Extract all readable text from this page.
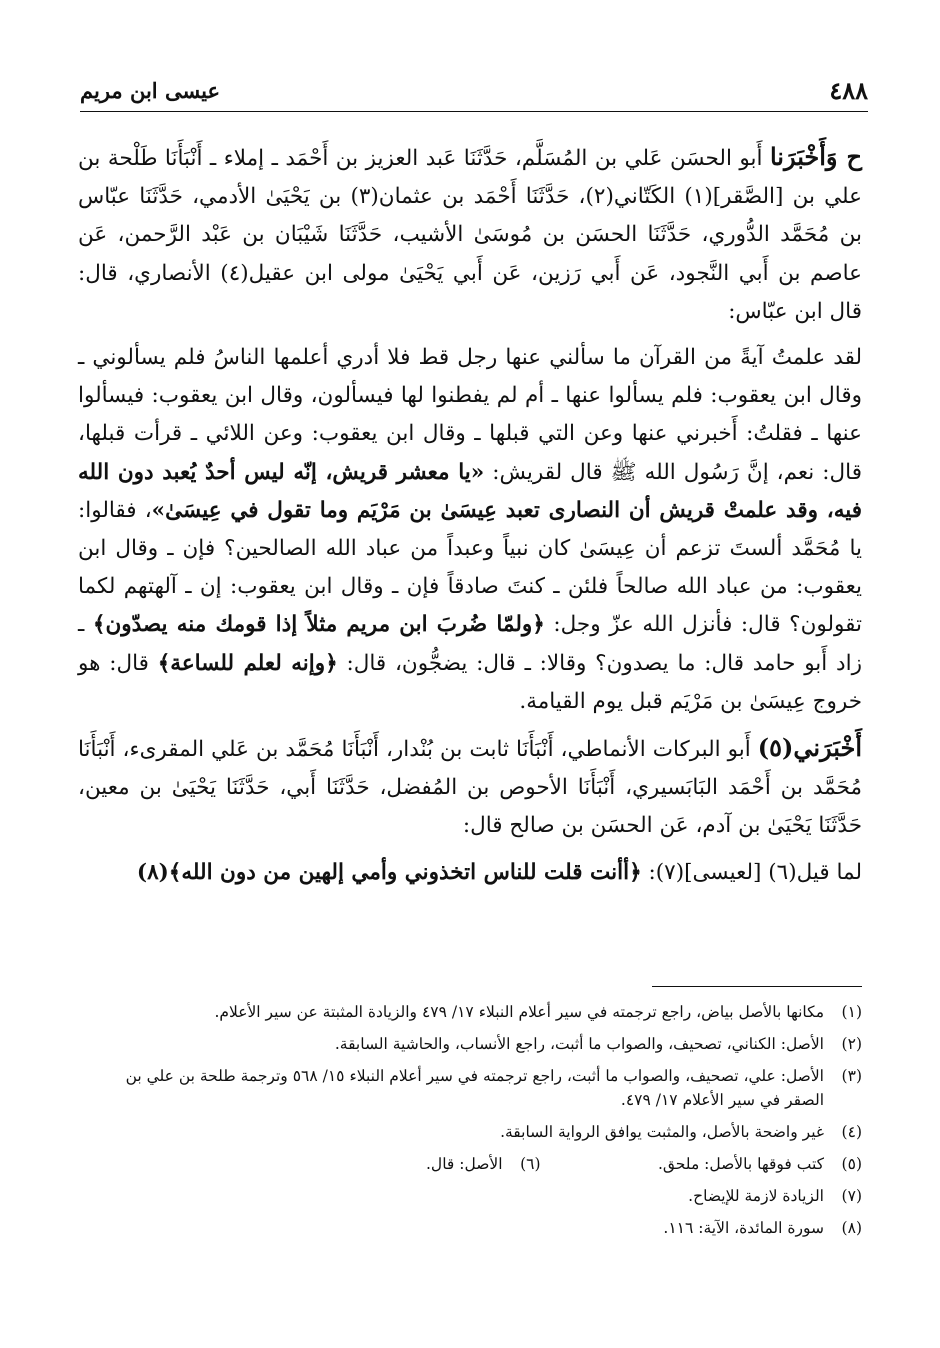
عيسى ابن مريم	٤٨٨

ح وَأَخْبَرَنا أَبو الحسَن عَلي بن المُسَلَّم، حَدَّثَنَا عَبد العزيز بن أَحْمَد ـ إملاء ـ أَنْبَأَنَا طَلْحة بن علي بن [الصَّقر](١) الكَتّاني(٢)، حَدَّثَنَا أَحْمَد بن عثمان(٣) بن يَحْيَىٰ الأدمي، حَدَّثَنَا عبّاس بن مُحَمَّد الدُّوري، حَدَّثَنَا الحسَن بن مُوسَىٰ الأشيب، حَدَّثَنَا شَيْبَان بن عَبْد الرَّحمن، عَن عاصم بن أَبي النَّجود، عَن أَبي رَزين، عَن أَبي يَحْيَىٰ مولى ابن عقيل(٤) الأنصاري، قال: قال ابن عبّاس:

لقد علمتُ آيةً من القرآن ما سألني عنها رجل قط فلا أدري أعلمها الناسُ فلم يسألوني ـ وقال ابن يعقوب: فلم يسألوا عنها ـ أم لم يفطنوا لها فيسألون، وقال ابن يعقوب: فيسألوا عنها ـ فقلتُ: أَخبرني عنها وعن التي قبلها ـ وقال ابن يعقوب: وعن اللائي ـ قرأت قبلها، قال: نعم، إنَّ رَسُول الله ﷺ قال لقريش: «يا معشر قريش، إنّه ليس أحدٌ يُعبد دون الله فيه، وقد علمتْ قريش أن النصارى تعبد عِيسَىٰ بن مَرْيَم وما تقول في عِيسَىٰ»، فقالوا: يا مُحَمَّد ألستَ تزعم أن عِيسَىٰ كان نبياً وعبداً من عباد الله الصالحين؟ فإن ـ وقال ابن يعقوب: من عباد الله صالحاً فلئن ـ كنتَ صادقاً فإن ـ وقال ابن يعقوب: إن ـ آلهتهم لكما تقولون؟ قال: فأنزل الله عزّ وجل: ﴿ولمّا ضُربَ ابن مريم مثلاً إذا قومك منه يصدّون﴾ ـ زاد أَبو حامد قال: ما يصدون؟ وقالا: ـ قال: يضجُّون، قال: ﴿وإنه لعلم للساعة﴾ قال: هو خروج عِيسَىٰ بن مَرْيَم قبل يوم القيامة.

أَخْبَرَني(٥) أَبو البركات الأنماطي، أَنْبَأَنَا ثابت بن بُنْدار، أَنْبَأَنَا مُحَمَّد بن عَلي المقرىء، أَنْبَأَنَا مُحَمَّد بن أَحْمَد البَابَسيري، أَنْبَأَنَا الأحوص بن المُفضل، حَدَّثَنَا أَبي، حَدَّثَنَا يَحْيَىٰ بن معين، حَدَّثَنَا يَحْيَىٰ بن آدم، عَن الحسَن بن صالح قال:

لما قيل(٦) [لعيسى](٧): ﴿أأنت قلت للناس اتخذوني وأمي إلهين من دون الله﴾(٨)

(١)
مكانها بالأصل بياض، راجع ترجمته في سير أعلام النبلاء ١٧/ ٤٧٩ والزيادة المثبتة عن سير الأعلام.
(٢)
الأصل: الكناني، تصحيف، والصواب ما أثبت، راجع الأنساب، والحاشية السابقة.
(٣)
الأصل: علي، تصحيف، والصواب ما أثبت، راجع ترجمته في سير أعلام النبلاء ١٥/ ٥٦٨ وترجمة طلحة بن علي بن الصقر في سير الأعلام ١٧/ ٤٧٩.
(٤)
غير واضحة بالأصل، والمثبت يوافق الرواية السابقة.
(٥)
كتب فوقها بالأصل: ملحق.
(٦)
الأصل: قال.
(٧)
الزيادة لازمة للإيضاح.
(٨)
سورة المائدة، الآية: ١١٦.
